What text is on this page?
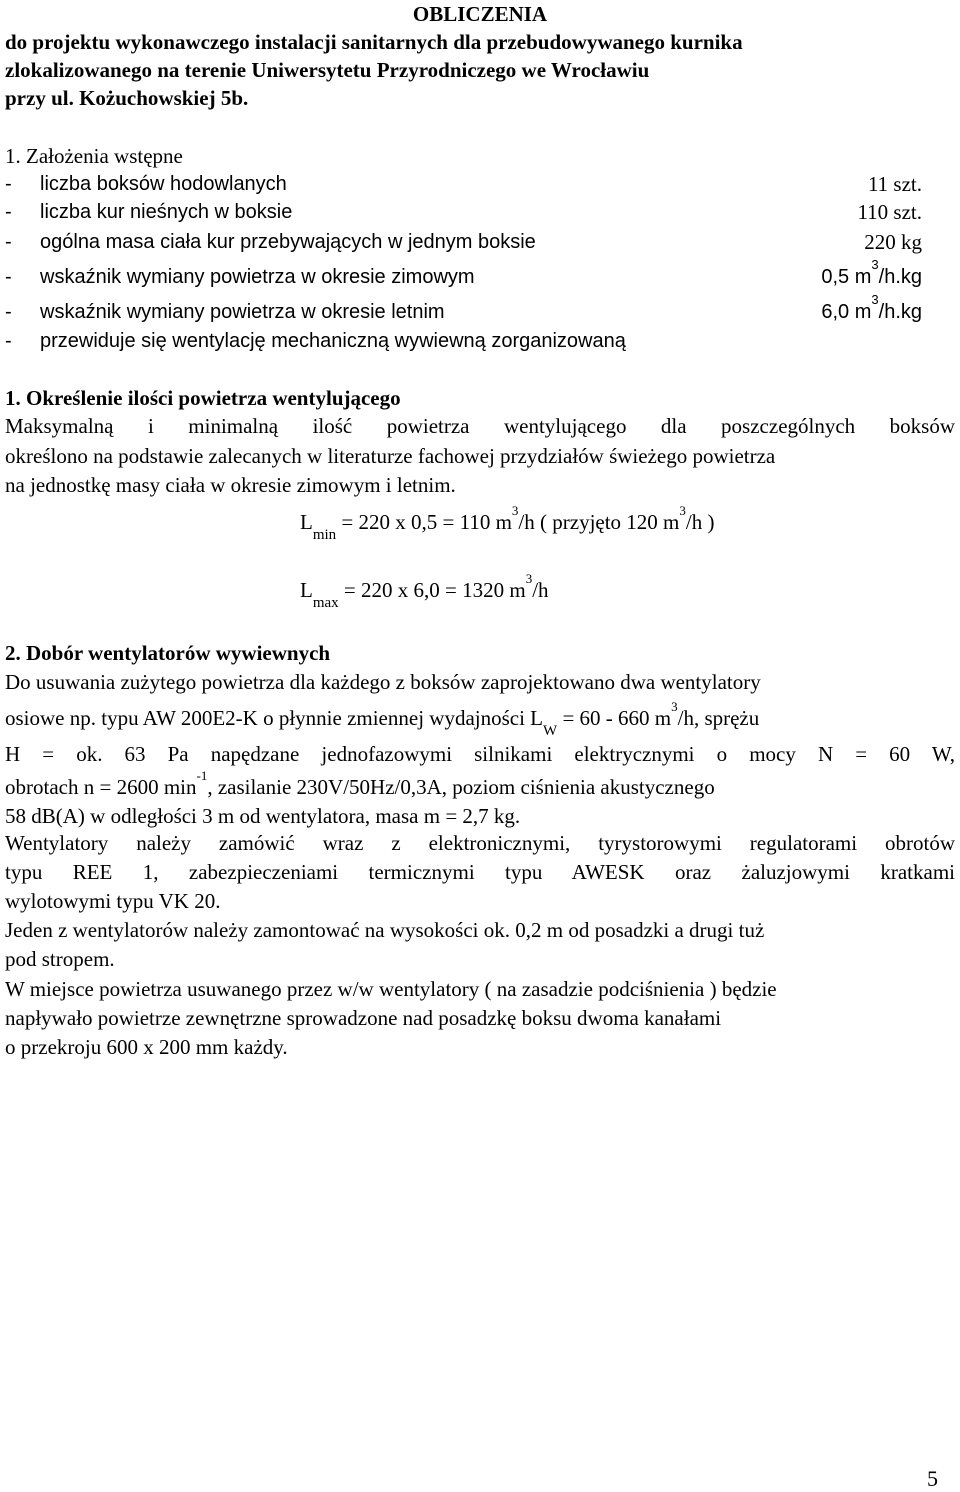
OBLICZENIA
do projektu wykonawczego instalacji sanitarnych dla przebudowywanego kurnika
zlokalizowanego na terenie Uniwersytetu Przyrodniczego we Wrocławiu
przy ul. Kożuchowskiej 5b.
1. Założenia wstępne
- liczba boksów hodowlanych	11 szt.
- liczba kur nieśnych w boksie	110 szt.
- ogólna masa ciała kur przebywających w jednym boksie	220 kg
- wskaźnik wymiany powietrza w okresie zimowym	0,5 $m^3/h.kg$
- wskaźnik wymiany powietrza w okresie letnim	6,0 $m^3/h.kg$
- przewiduje się wentylację mechaniczną wywiewną zorganizowaną
1. Określenie ilości powietrza wentylującego
Maksymalną i minimalną ilość powietrza wentylującego dla poszczególnych boksów
określono na podstawie zalecanych w literaturze fachowej przydziałów świeżego powietrza
na jednostkę masy ciała w okresie zimowym i letnim.
$L_{min} = 220$ x 0,5 = 110 $m^3/h$ ( przyjęto 120 $m^3/h$ )
$L_{max} = 220$ x 6,0 = 1320 $m^3/h$
2. Dobór wentylatorów wywiewnych
Do usuwania zużytego powietrza dla każdego z boksów zaprojektowano dwa wentylatory
osiowe np. typu AW 200E2-K o płynnie zmiennej wydajności $L_W = 60 - 660$ $m^3/h$, sprężu
H = ok. 63 Pa napędzane jednofazowymi silnikami elektrycznymi o mocy N = 60 W,
obrotach n = 2600 $\min^{-1}$, zasilanie 230V/50Hz/0,3A, poziom ciśnienia akustycznego
58 dB(A) w odległości 3 m od wentylatora, masa m = 2,7 kg.
Wentylatory należy zamówić wraz z elektronicznymi, tyrystorowymi regulatorami obrotów
typu REE 1, zabezpieczeniami termicznymi typu AWESK oraz żaluzjowymi kratkami
wylotowymi typu VK 20.
Jeden z wentylatorów należy zamontować na wysokości ok. 0,2 m od posadzki a drugi tuż
pod stropem.
W miejsce powietrza usuwanego przez w/w wentylatory ( na zasadzie podciśnienia ) będzie
napływało powietrze zewnętrzne sprowadzone nad posadzkę boksu dwoma kanałami
o przekroju 600 x 200 mm każdy.
5
